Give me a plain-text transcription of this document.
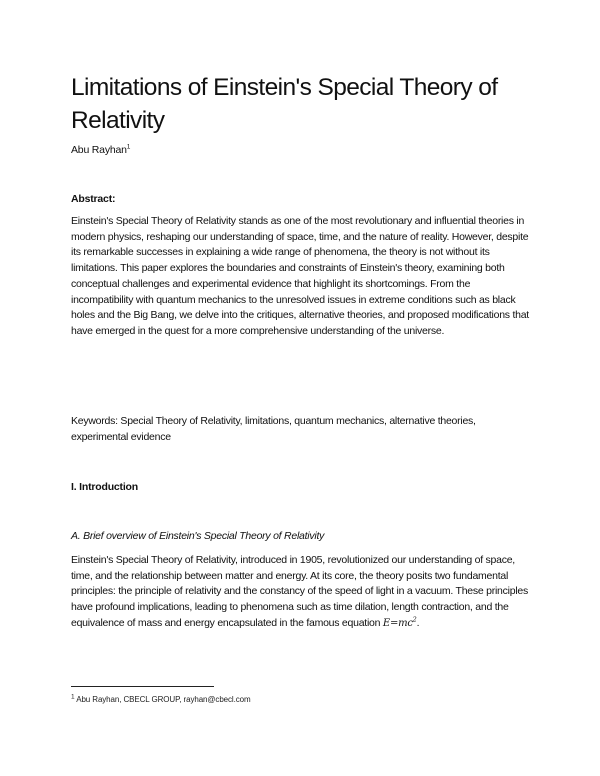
Limitations of Einstein's Special Theory of Relativity
Abu Rayhan$^1$
Abstract:

Einstein's Special Theory of Relativity stands as one of the most revolutionary and influential theories in modern physics, reshaping our understanding of space, time, and the nature of reality. However, despite its remarkable successes in explaining a wide range of phenomena, the theory is not without its limitations. This paper explores the boundaries and constraints of Einstein's theory, examining both conceptual challenges and experimental evidence that highlight its shortcomings. From the incompatibility with quantum mechanics to the unresolved issues in extreme conditions such as black holes and the Big Bang, we delve into the critiques, alternative theories, and proposed modifications that have emerged in the quest for a more comprehensive understanding of the universe.

Keywords: Special Theory of Relativity, limitations, quantum mechanics, alternative theories, experimental evidence

I. Introduction
A. Brief overview of Einstein's Special Theory of Relativity

Einstein's Special Theory of Relativity, introduced in 1905, revolutionized our understanding of space, time, and the relationship between matter and energy. At its core, the theory posits two fundamental principles: the principle of relativity and the constancy of the speed of light in a vacuum. These principles have profound implications, leading to phenomena such as time dilation, length contraction, and the equivalence of mass and energy encapsulated in the famous equation $E=mc^2$.

$^1$ Abu Rayhan, CBECL GROUP, rayhan@cbecl.com
